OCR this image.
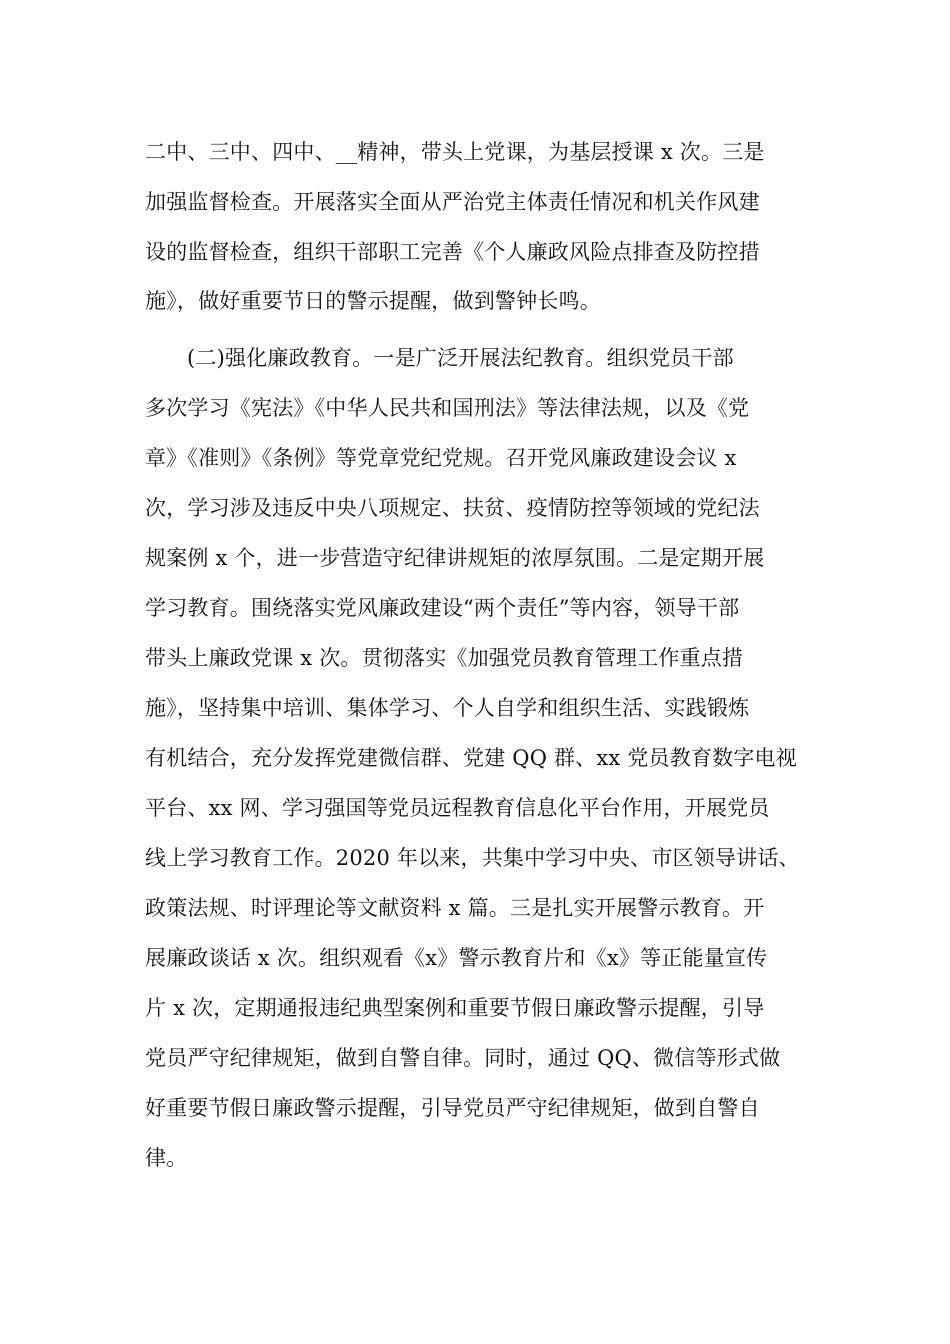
二中、三中、四中、__精神，带头上党课，为基层授课 x 次。三是
加强监督检查。开展落实全面从严治党主体责任情况和机关作风建
设的监督检查，组织干部职工完善《个人廉政风险点排查及防控措
施》，做好重要节日的警示提醒，做到警钟长鸣。
(二)强化廉政教育。一是广泛开展法纪教育。组织党员干部
多次学习《宪法》《中华人民共和国刑法》等法律法规，以及《党
章》《准则》《条例》等党章党纪党规。召开党风廉政建设会议 x
次，学习涉及违反中央八项规定、扶贫、疫情防控等领域的党纪法
规案例 x 个，进一步营造守纪律讲规矩的浓厚氛围。二是定期开展
学习教育。围绕落实党风廉政建设“两个责任”等内容，领导干部
带头上廉政党课 x 次。贯彻落实《加强党员教育管理工作重点措
施》，坚持集中培训、集体学习、个人自学和组织生活、实践锻炼
有机结合，充分发挥党建微信群、党建 QQ 群、xx 党员教育数字电视
平台、xx 网、学习强国等党员远程教育信息化平台作用，开展党员
线上学习教育工作。2020 年以来，共集中学习中央、市区领导讲话、
政策法规、时评理论等文献资料 x 篇。三是扎实开展警示教育。开
展廉政谈话 x 次。组织观看《x》警示教育片和《x》等正能量宣传
片 x 次，定期通报违纪典型案例和重要节假日廉政警示提醒，引导
党员严守纪律规矩，做到自警自律。同时，通过 QQ、微信等形式做
好重要节假日廉政警示提醒，引导党员严守纪律规矩，做到自警自
律。
